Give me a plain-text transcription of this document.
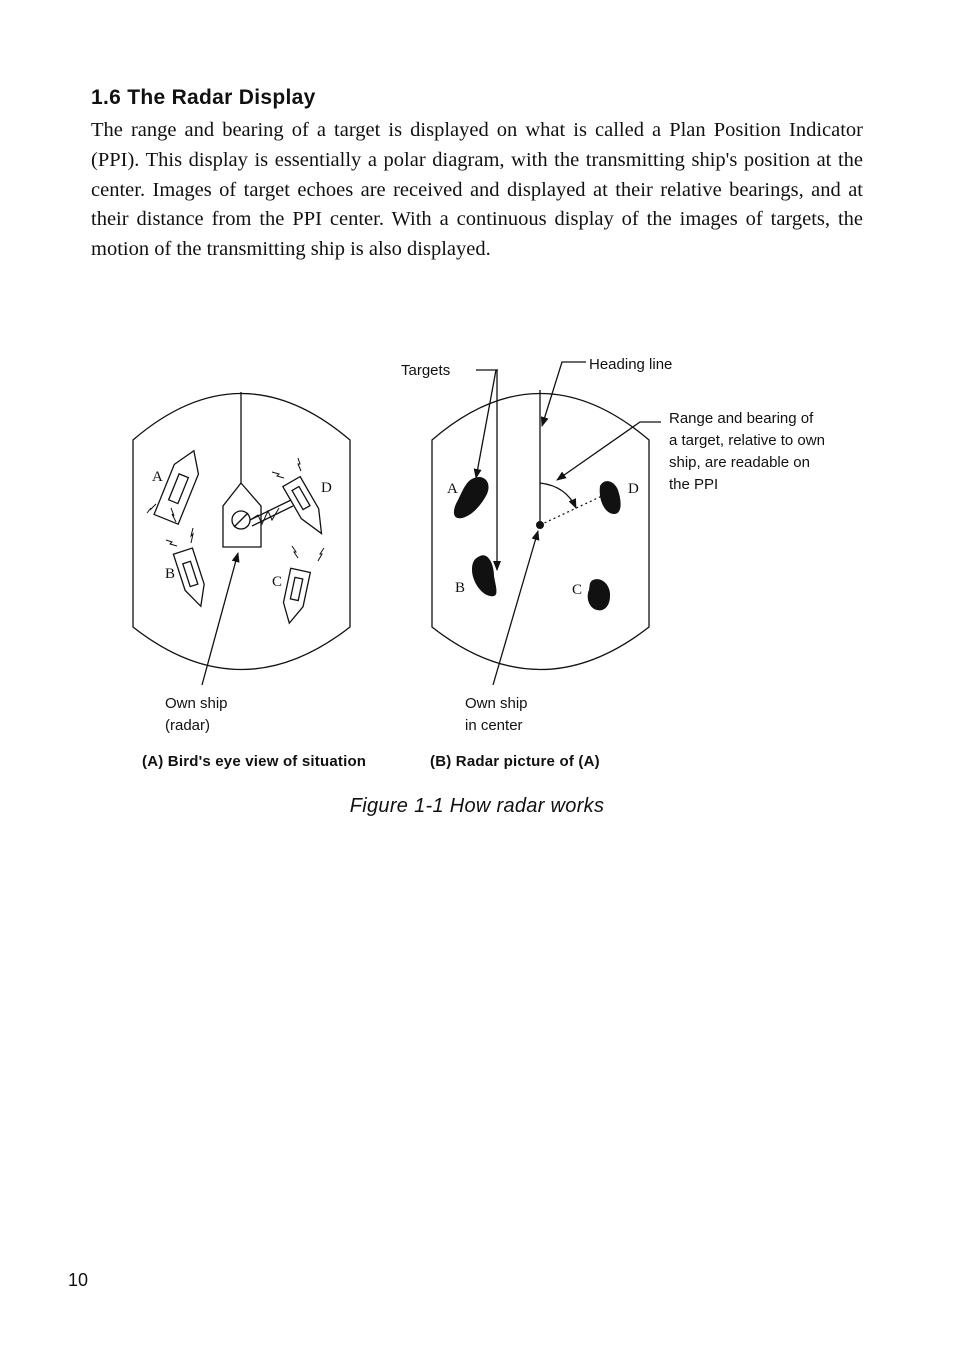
1.6 The Radar Display

The range and bearing of a target is displayed on what is called a Plan Position Indicator (PPI). This display is essentially a polar diagram, with the transmitting ship's position at the center. Images of target echoes are received and displayed at their relative bearings, and at their distance from the PPI center. With a continuous display of the images of targets, the motion of the transmitting ship is also displayed.

A
B	C
D	A
B	C
D

Targets	Heading line

Range and bearing of

a target, relative to own

ship, are readable on

the PPI

Own ship

(radar)

Own ship

in center

(A) Bird's eye view of situation	(B) Radar picture of (A)

Figure 1-1 How radar works

10
